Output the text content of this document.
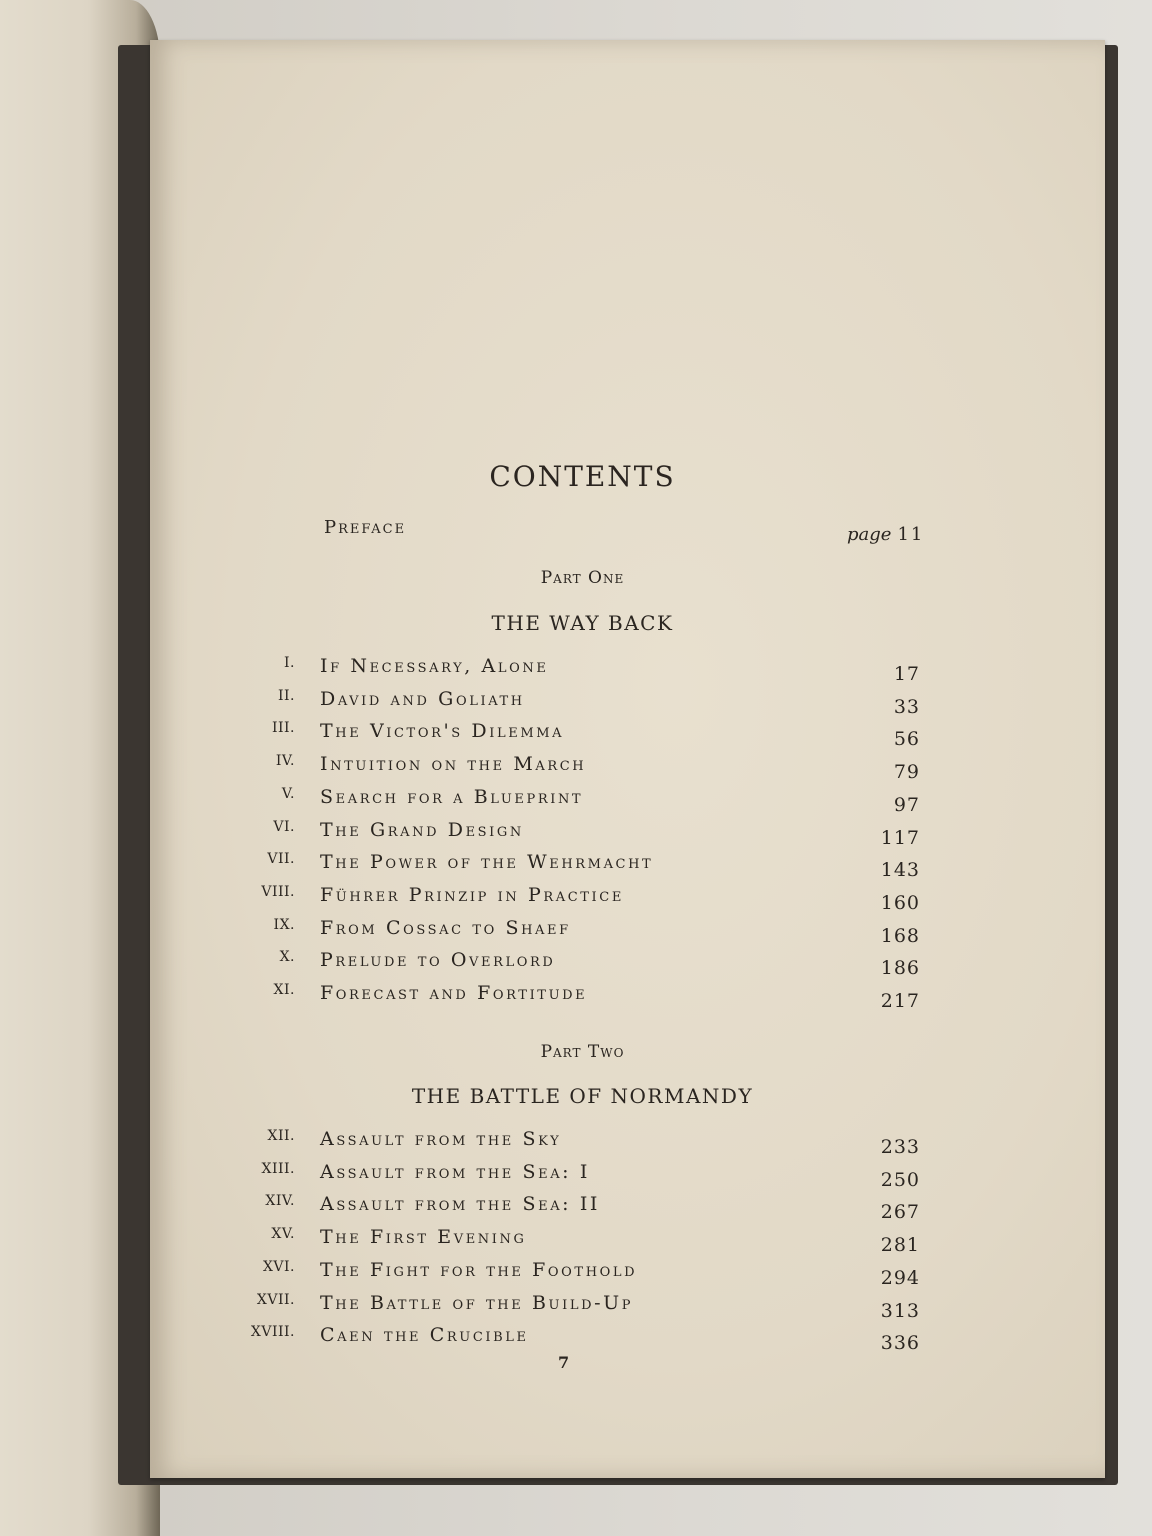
CONTENTS
Preface	page 11
Part One
THE WAY BACK
I. If Necessary, Alone	17
II. David and Goliath	33
III. The Victor's Dilemma	56
IV. Intuition on the March	79
V. Search for a Blueprint	97
VI. The Grand Design	117
VII. The Power of the Wehrmacht	143
VIII. Führer Prinzip in Practice	160
IX. From Cossac to Shaef	168
X. Prelude to Overlord	186
XI. Forecast and Fortitude	217
Part Two
THE BATTLE OF NORMANDY
XII. Assault from the Sky	233
XIII. Assault from the Sea: I	250
XIV. Assault from the Sea: II	267
XV. The First Evening	281
XVI. The Fight for the Foothold	294
XVII. The Battle of the Build-Up	313
XVIII. Caen the Crucible	336
7
